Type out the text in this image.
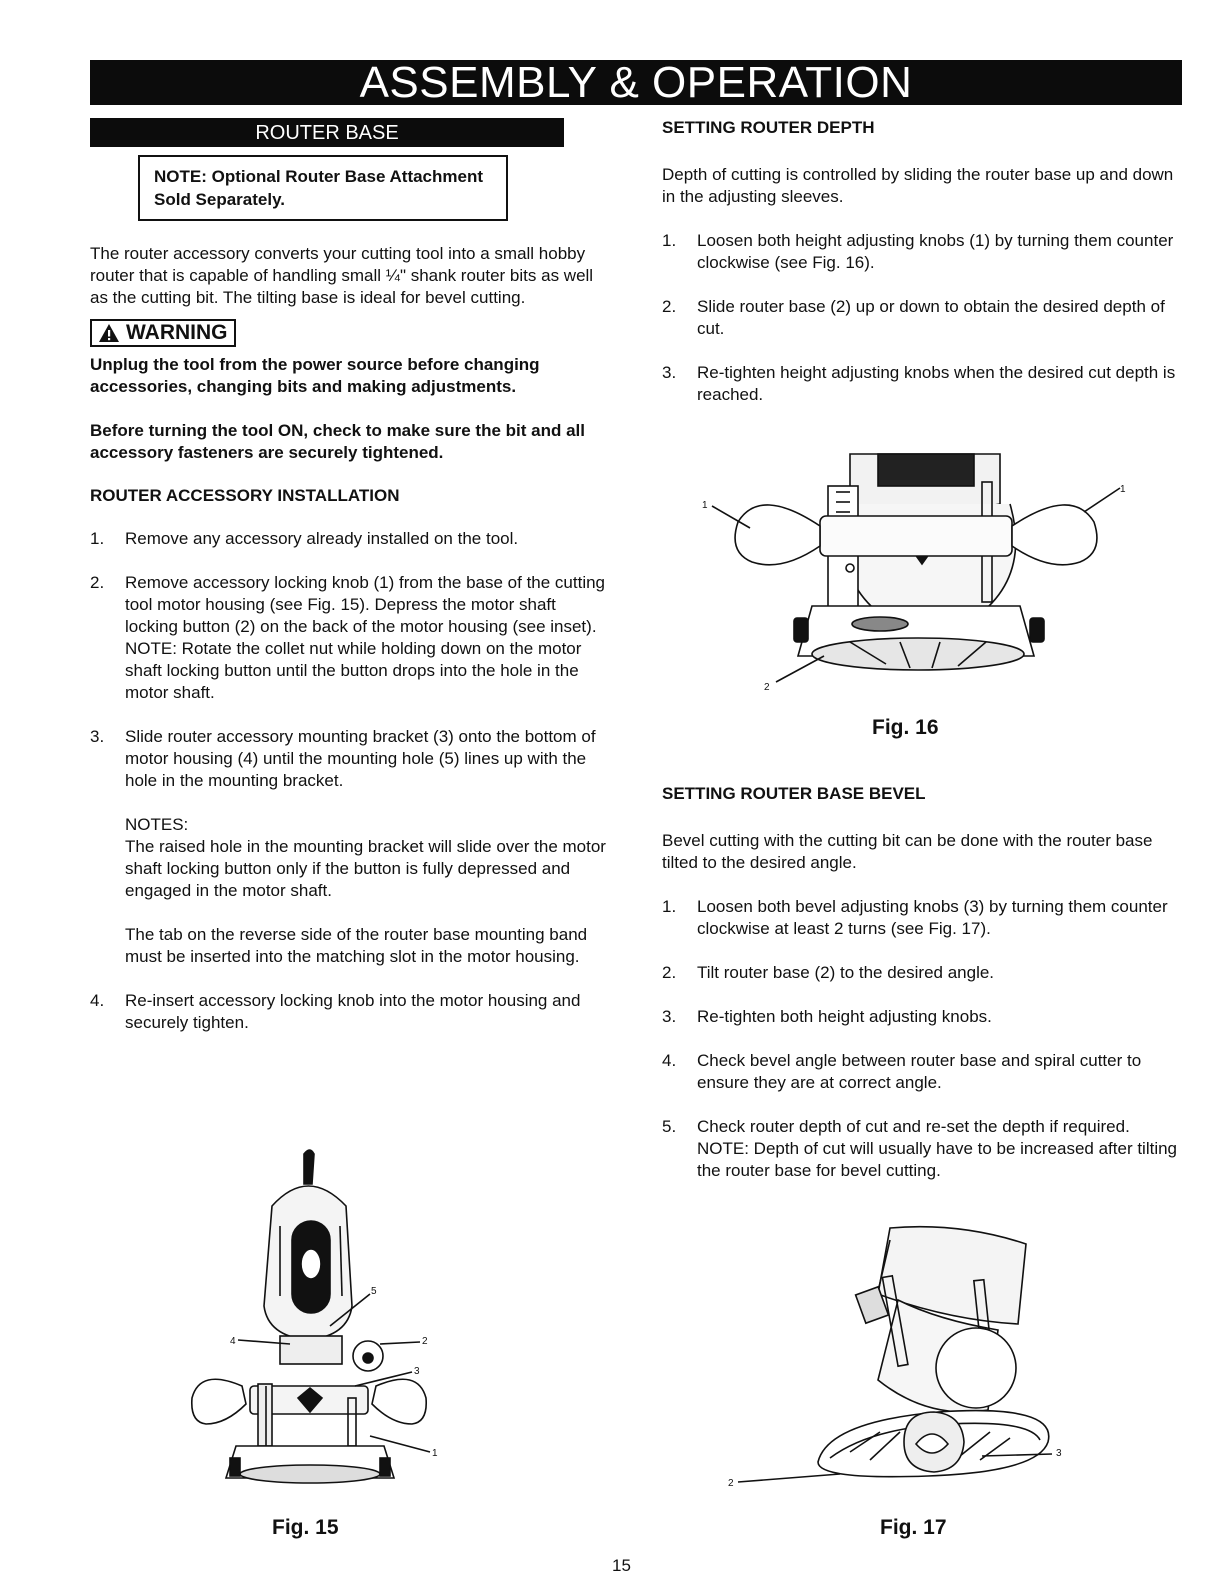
ASSEMBLY & OPERATION
ROUTER BASE
NOTE: Optional Router Base Attachment Sold Separately.

The router accessory converts your cutting tool into a small hobby router that is capable of handling small ¼" shank router bits as well as the cutting bit. The tilting base is ideal for bevel cutting.

WARNING

Unplug the tool from the power source before changing accessories, changing bits and making adjustments.

Before turning the tool ON, check to make sure the bit and all accessory fasteners are securely tightened.

ROUTER ACCESSORY INSTALLATION
1. Remove any accessory already installed on the tool.
2. Remove accessory locking knob (1) from the base of the cutting tool motor housing (see Fig. 15). Depress the motor shaft locking button (2) on the back of the motor housing (see inset).
NOTE: Rotate the collet nut while holding down on the motor shaft locking button until the button drops into the hole in the motor shaft.
3. Slide router accessory mounting bracket (3) onto the bottom of motor housing (4) until the mounting hole (5) lines up with the hole in the mounting bracket.
NOTES:
The raised hole in the mounting bracket will slide over the motor shaft locking button only if the button is fully depressed and engaged in the motor shaft.
The tab on the reverse side of the router base mounting band must be inserted into the matching slot in the motor housing.
4. Re-insert accessory locking knob into the motor housing and securely tighten.
5
4	2
3
1
Fig. 15
SETTING ROUTER DEPTH

Depth of cutting is controlled by sliding the router base up and down in the adjusting sleeves.

1. Loosen both height adjusting knobs (1) by turning them counter clockwise (see Fig. 16).
2. Slide router base (2) up or down to obtain the desired depth of cut.
3. Re-tighten height adjusting knobs when the desired cut depth is reached.
1
1
2
Fig. 16
SETTING ROUTER BASE BEVEL

Bevel cutting with the cutting bit can be done with the router base tilted to the desired angle.

1. Loosen both bevel adjusting knobs (3) by turning them counter clockwise at least 2 turns (see Fig. 17).
2. Tilt router base (2) to the desired angle.
3. Re-tighten both height adjusting knobs.
4. Check bevel angle between router base and spiral cutter to ensure they are at correct angle.
5. Check router depth of cut and re-set the depth if required.
NOTE: Depth of cut will usually have to be increased after tilting the router base for bevel cutting.
2
3
Fig. 17
15
